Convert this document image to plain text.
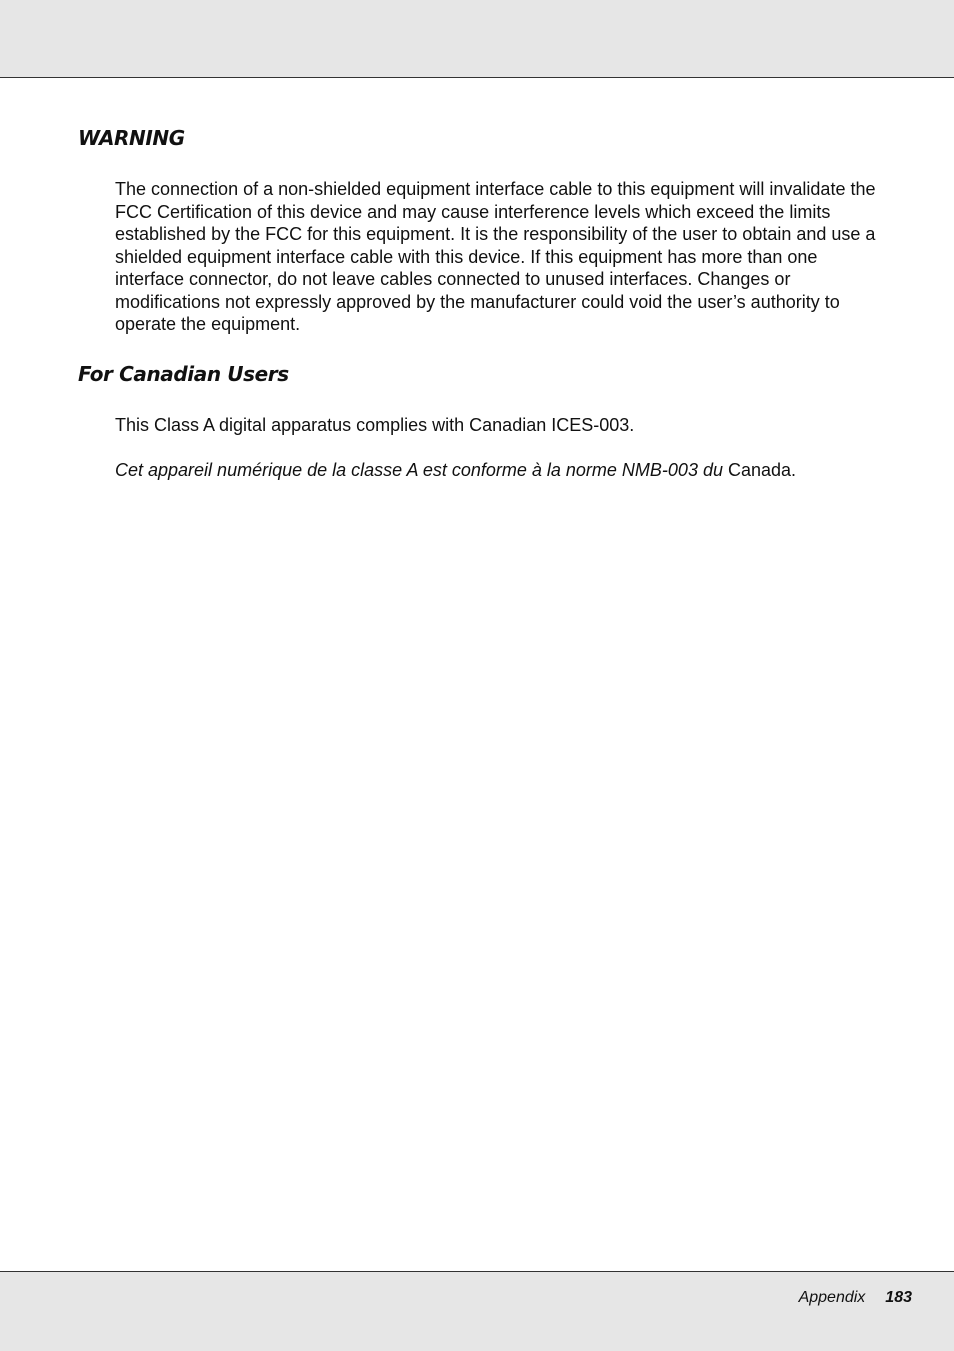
WARNING

The connection of a non-shielded equipment interface cable to this equipment will invalidate the FCC Certification of this device and may cause interference levels which exceed the limits established by the FCC for this equipment. It is the responsibility of the user to obtain and use a shielded equipment interface cable with this device. If this equipment has more than one interface connector, do not leave cables connected to unused interfaces. Changes or modifications not expressly approved by the manufacturer could void the user’s authority to operate the equipment.

For Canadian Users

This Class A digital apparatus complies with Canadian ICES-003.

Cet appareil numérique de la classe A est conforme à la norme NMB-003 du Canada.

Appendix 183
